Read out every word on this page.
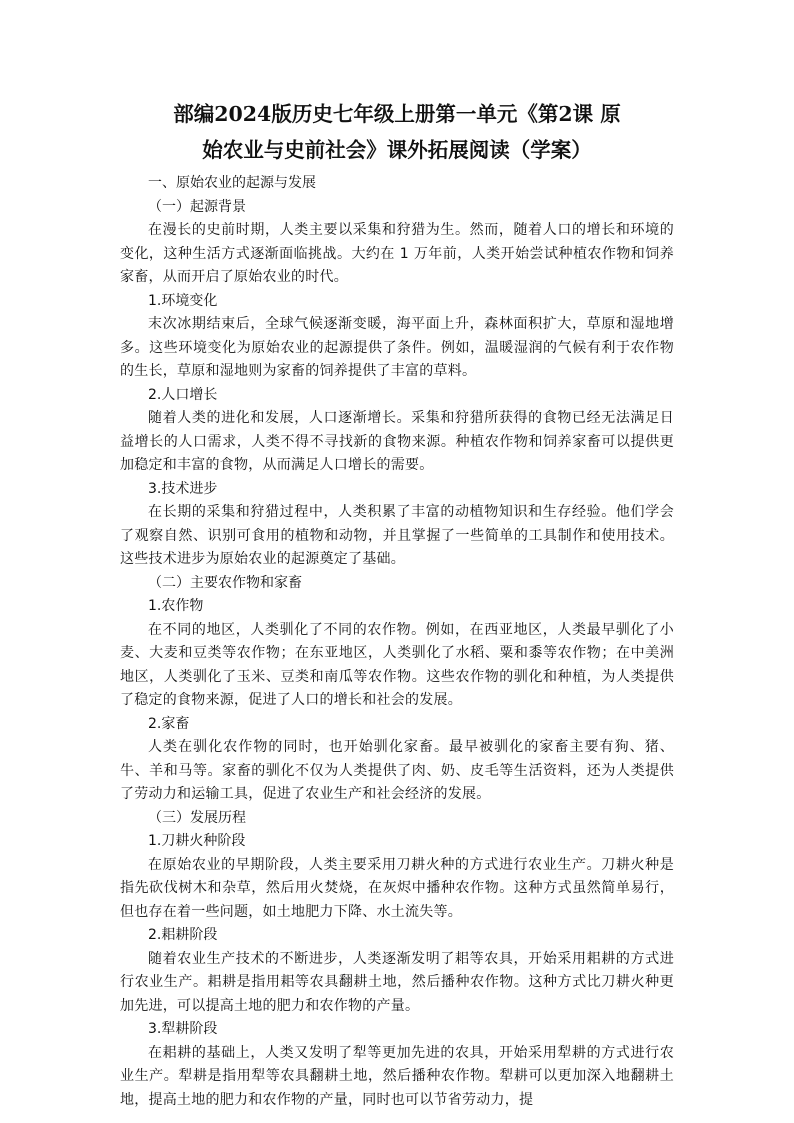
部编2024版历史七年级上册第一单元《第2课 原
始农业与史前社会》课外拓展阅读（学案）

一、原始农业的起源与发展

（一）起源背景

在漫长的史前时期，人类主要以采集和狩猎为生。然而，随着人口的增长和环境的变化，这种生活方式逐渐面临挑战。大约在 1 万年前，人类开始尝试种植农作物和饲养家畜，从而开启了原始农业的时代。

1.环境变化

末次冰期结束后，全球气候逐渐变暖，海平面上升，森林面积扩大，草原和湿地增多。这些环境变化为原始农业的起源提供了条件。例如，温暖湿润的气候有利于农作物的生长，草原和湿地则为家畜的饲养提供了丰富的草料。

2.人口增长

随着人类的进化和发展，人口逐渐增长。采集和狩猎所获得的食物已经无法满足日益增长的人口需求，人类不得不寻找新的食物来源。种植农作物和饲养家畜可以提供更加稳定和丰富的食物，从而满足人口增长的需要。

3.技术进步

在长期的采集和狩猎过程中，人类积累了丰富的动植物知识和生存经验。他们学会了观察自然、识别可食用的植物和动物，并且掌握了一些简单的工具制作和使用技术。这些技术进步为原始农业的起源奠定了基础。

（二）主要农作物和家畜

1.农作物

在不同的地区，人类驯化了不同的农作物。例如，在西亚地区，人类最早驯化了小麦、大麦和豆类等农作物；在东亚地区，人类驯化了水稻、粟和黍等农作物；在中美洲地区，人类驯化了玉米、豆类和南瓜等农作物。这些农作物的驯化和种植，为人类提供了稳定的食物来源，促进了人口的增长和社会的发展。

2.家畜

人类在驯化农作物的同时，也开始驯化家畜。最早被驯化的家畜主要有狗、猪、牛、羊和马等。家畜的驯化不仅为人类提供了肉、奶、皮毛等生活资料，还为人类提供了劳动力和运输工具，促进了农业生产和社会经济的发展。

（三）发展历程

1.刀耕火种阶段

在原始农业的早期阶段，人类主要采用刀耕火种的方式进行农业生产。刀耕火种是指先砍伐树木和杂草，然后用火焚烧，在灰烬中播种农作物。这种方式虽然简单易行，但也存在着一些问题，如土地肥力下降、水土流失等。

2.耜耕阶段

随着农业生产技术的不断进步，人类逐渐发明了耜等农具，开始采用耜耕的方式进行农业生产。耜耕是指用耜等农具翻耕土地，然后播种农作物。这种方式比刀耕火种更加先进，可以提高土地的肥力和农作物的产量。

3.犁耕阶段

在耜耕的基础上，人类又发明了犁等更加先进的农具，开始采用犁耕的方式进行农业生产。犁耕是指用犁等农具翻耕土地，然后播种农作物。犁耕可以更加深入地翻耕土地，提高土地的肥力和农作物的产量，同时也可以节省劳动力，提
